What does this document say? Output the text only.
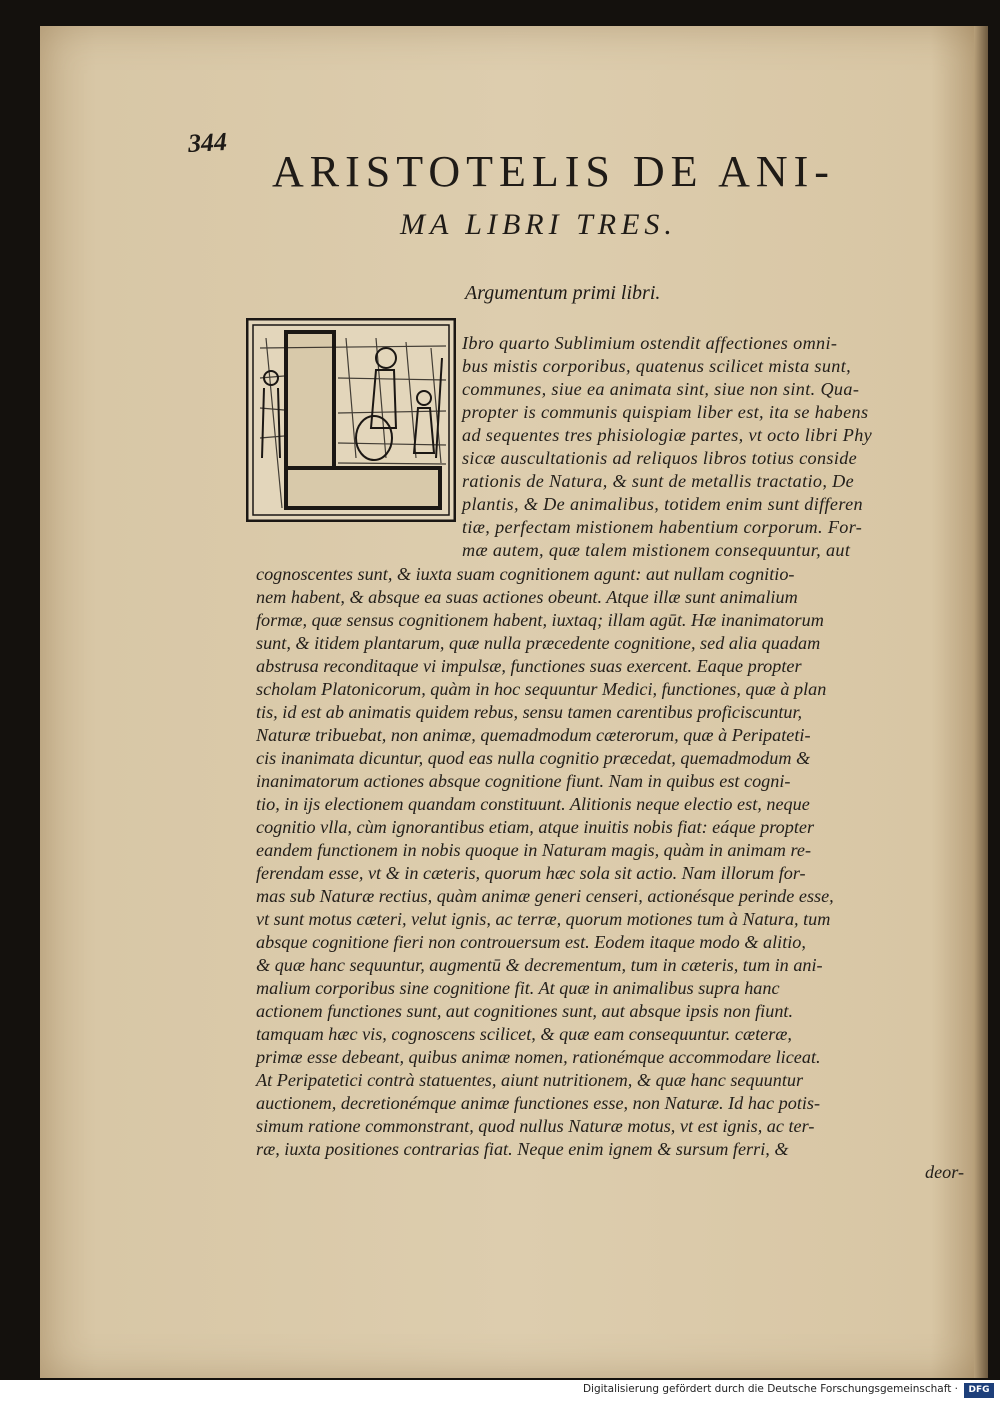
344
ARISTOTELIS DE ANI-
MA LIBRI TRES.
Argumentum primi libri.
Ibro quarto Sublimium ostendit affectiones omni-
bus mistis corporibus, quatenus scilicet mista sunt,
communes, siue ea animata sint, siue non sint. Qua-
propter is communis quispiam liber est, ita se habens
ad sequentes tres phisiologiæ partes, vt octo libri Phy
sicæ auscultationis ad reliquos libros totius conside
rationis de Natura, & sunt de metallis tractatio, De
plantis, & De animalibus, totidem enim sunt differen
tiæ, perfectam mistionem habentium corporum. For-
mæ autem, quæ talem mistionem consequuntur, aut
cognoscentes sunt, & iuxta suam cognitionem agunt: aut nullam cognitio-
nem habent, & absque ea suas actiones obeunt. Atque illæ sunt animalium
formæ, quæ sensus cognitionem habent, iuxtaq; illam agūt. Hæ inanimatorum
sunt, & itidem plantarum, quæ nulla præcedente cognitione, sed alia quadam
abstrusa reconditaque vi impulsæ, functiones suas exercent. Eaque propter
scholam Platonicorum, quàm in hoc sequuntur Medici, functiones, quæ à plan
tis, id est ab animatis quidem rebus, sensu tamen carentibus proficiscuntur,
Naturæ tribuebat, non animæ, quemadmodum cæterorum, quæ à Peripateti-
cis inanimata dicuntur, quod eas nulla cognitio præcedat, quemadmodum &
inanimatorum actiones absque cognitione fiunt. Nam in quibus est cogni-
tio, in ijs electionem quandam constituunt. Alitionis neque electio est, neque
cognitio vlla, cùm ignorantibus etiam, atque inuitis nobis fiat: eáque propter
eandem functionem in nobis quoque in Naturam magis, quàm in animam re-
ferendam esse, vt & in cæteris, quorum hæc sola sit actio. Nam illorum for-
mas sub Naturæ rectius, quàm animæ generi censeri, actionésque perinde esse,
vt sunt motus cæteri, velut ignis, ac terræ, quorum motiones tum à Natura, tum
absque cognitione fieri non controuersum est. Eodem itaque modo & alitio,
& quæ hanc sequuntur, augmentū & decrementum, tum in cæteris, tum in ani-
malium corporibus sine cognitione fit. At quæ in animalibus supra hanc
actionem functiones sunt, aut cognitiones sunt, aut absque ipsis non fiunt.
tamquam hæc vis, cognoscens scilicet, & quæ eam consequuntur. cæteræ,
primæ esse debeant, quibus animæ nomen, rationémque accommodare liceat.
At Peripatetici contrà statuentes, aiunt nutritionem, & quæ hanc sequuntur
auctionem, decretionémque animæ functiones esse, non Naturæ. Id hac potis-
simum ratione commonstrant, quod nullus Naturæ motus, vt est ignis, ac ter-
ræ, iuxta positiones contrarias fiat. Neque enim ignem & sursum ferri, &
deor-
Digitalisierung gefördert durch die Deutsche Forschungsgemeinschaft ·	DFG
